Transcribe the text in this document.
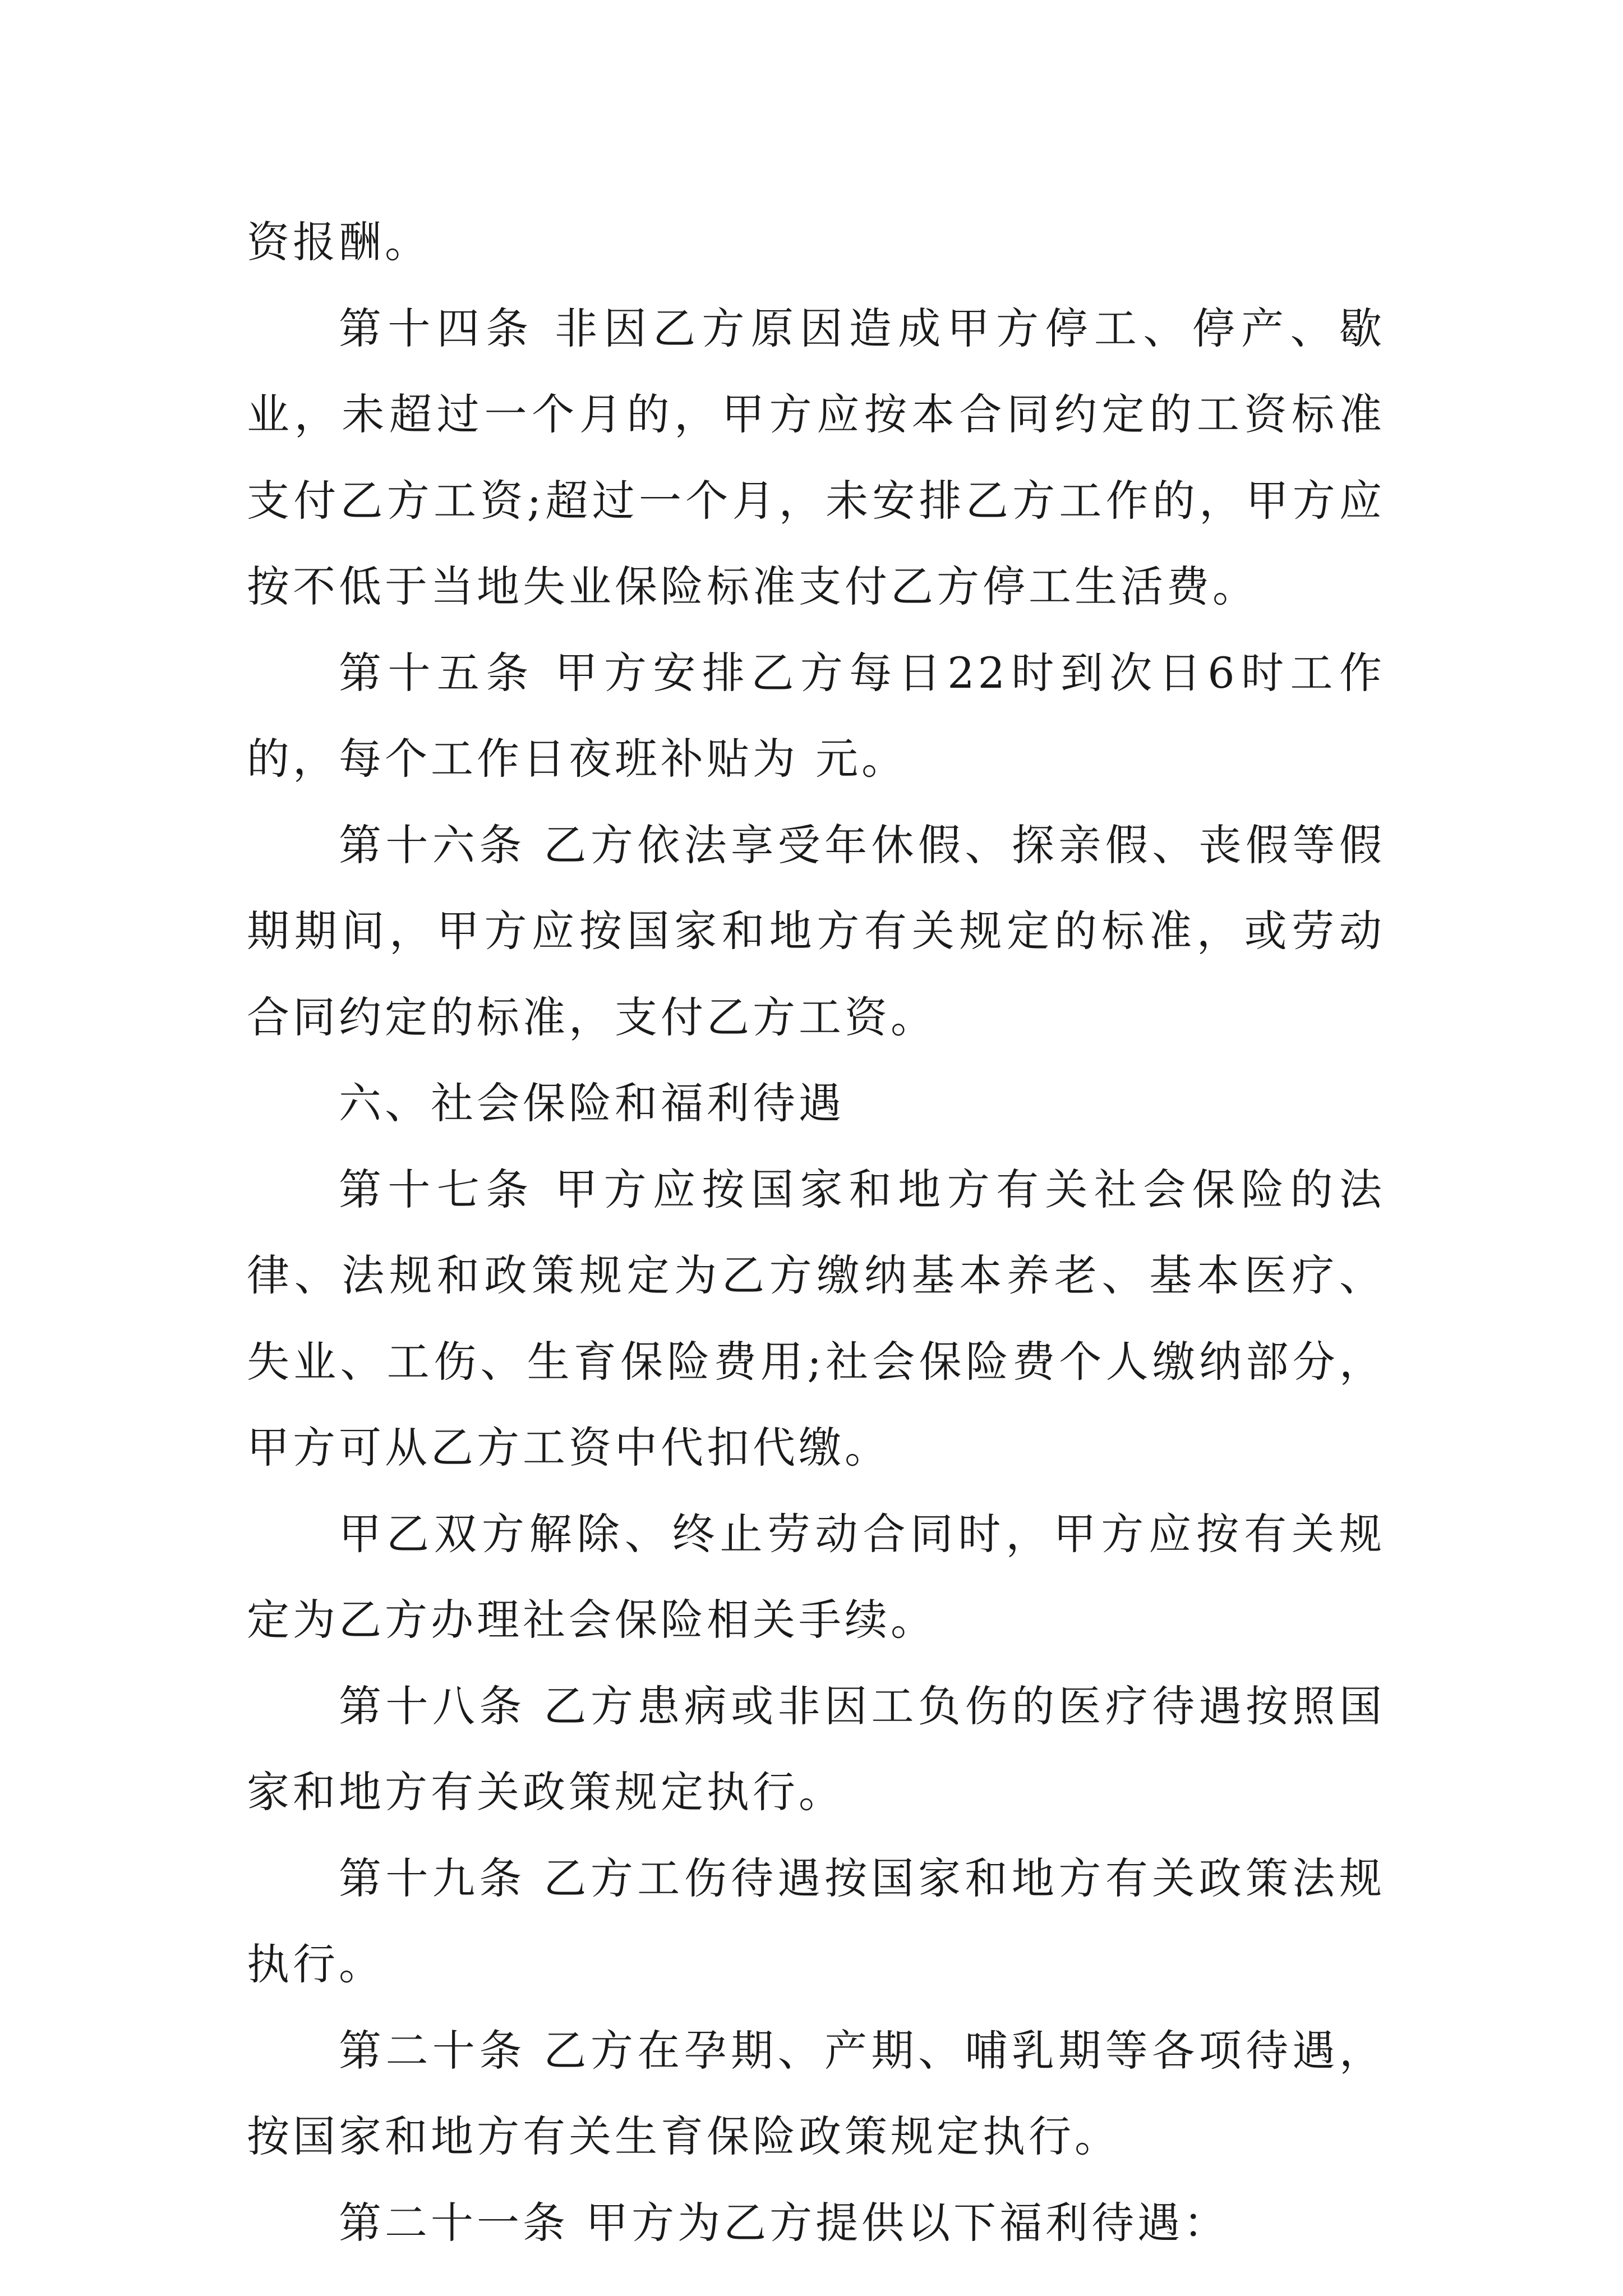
资报酬。

第十四条 非因乙方原因造成甲方停工、停产、歇业，未超过一个月的，甲方应按本合同约定的工资标准支付乙方工资;超过一个月，未安排乙方工作的，甲方应按不低于当地失业保险标准支付乙方停工生活费。

第十五条 甲方安排乙方每日22时到次日6时工作的，每个工作日夜班补贴为 元。

第十六条 乙方依法享受年休假、探亲假、丧假等假期期间，甲方应按国家和地方有关规定的标准，或劳动合同约定的标准，支付乙方工资。

六、社会保险和福利待遇

第十七条 甲方应按国家和地方有关社会保险的法律、法规和政策规定为乙方缴纳基本养老、基本医疗、失业、工伤、生育保险费用;社会保险费个人缴纳部分，甲方可从乙方工资中代扣代缴。

甲乙双方解除、终止劳动合同时，甲方应按有关规定为乙方办理社会保险相关手续。

第十八条 乙方患病或非因工负伤的医疗待遇按照国家和地方有关政策规定执行。

第十九条 乙方工伤待遇按国家和地方有关政策法规执行。

第二十条 乙方在孕期、产期、哺乳期等各项待遇，按国家和地方有关生育保险政策规定执行。

第二十一条 甲方为乙方提供以下福利待遇：
